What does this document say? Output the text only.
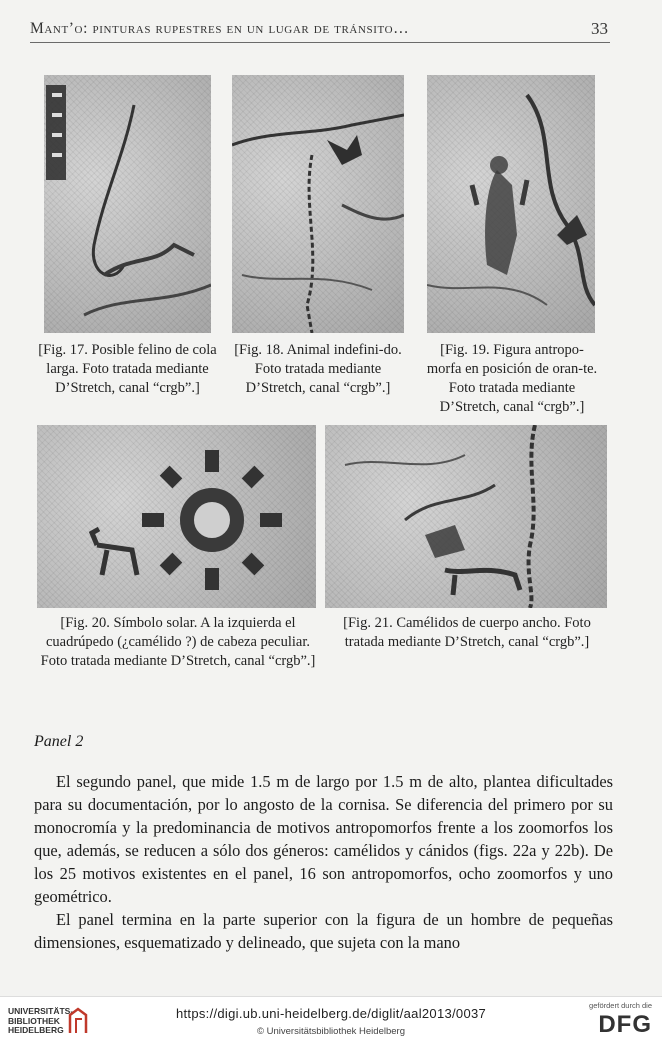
Mant’o: pinturas rupestres en un lugar de tránsito…	33
[Fig. 17. Posible felino de cola larga. Foto tratada mediante D’Stretch, canal “crgb”.]
[Fig. 18. Animal indefini-do. Foto tratada mediante D’Stretch, canal “crgb”.]
[Fig. 19. Figura antropo-morfa en posición de oran-te. Foto tratada mediante D’Stretch, canal “crgb”.]
[Fig. 20. Símbolo solar. A la izquierda el cuadrúpedo (¿camélido ?) de cabeza peculiar. Foto tratada mediante D’Stretch, canal “crgb”.]
[Fig. 21. Camélidos de cuerpo ancho. Foto tratada mediante D’Stretch, canal “crgb”.]
Panel 2

El segundo panel, que mide 1.5 m de largo por 1.5 m de alto, plantea dificultades para su documentación, por lo angosto de la cornisa. Se diferencia del primero por su monocromía y la predominancia de motivos antropomorfos frente a los zoomorfos los que, además, se reducen a sólo dos géneros: camélidos y cánidos (figs. 22a y 22b). De los 25 motivos existentes en el panel, 16 son antropomorfos, ocho zoomorfos y uno geométrico.

El panel termina en la parte superior con la figura de un hombre de pequeñas dimensiones, esquematizado y delineado, que sujeta con la mano

UNIVERSITÄTS-
BIBLIOTHEK
HEIDELBERG
https://digi.ub.uni-heidelberg.de/diglit/aal2013/0037
© Universitätsbibliothek Heidelberg
gefördert durch die
DFG
